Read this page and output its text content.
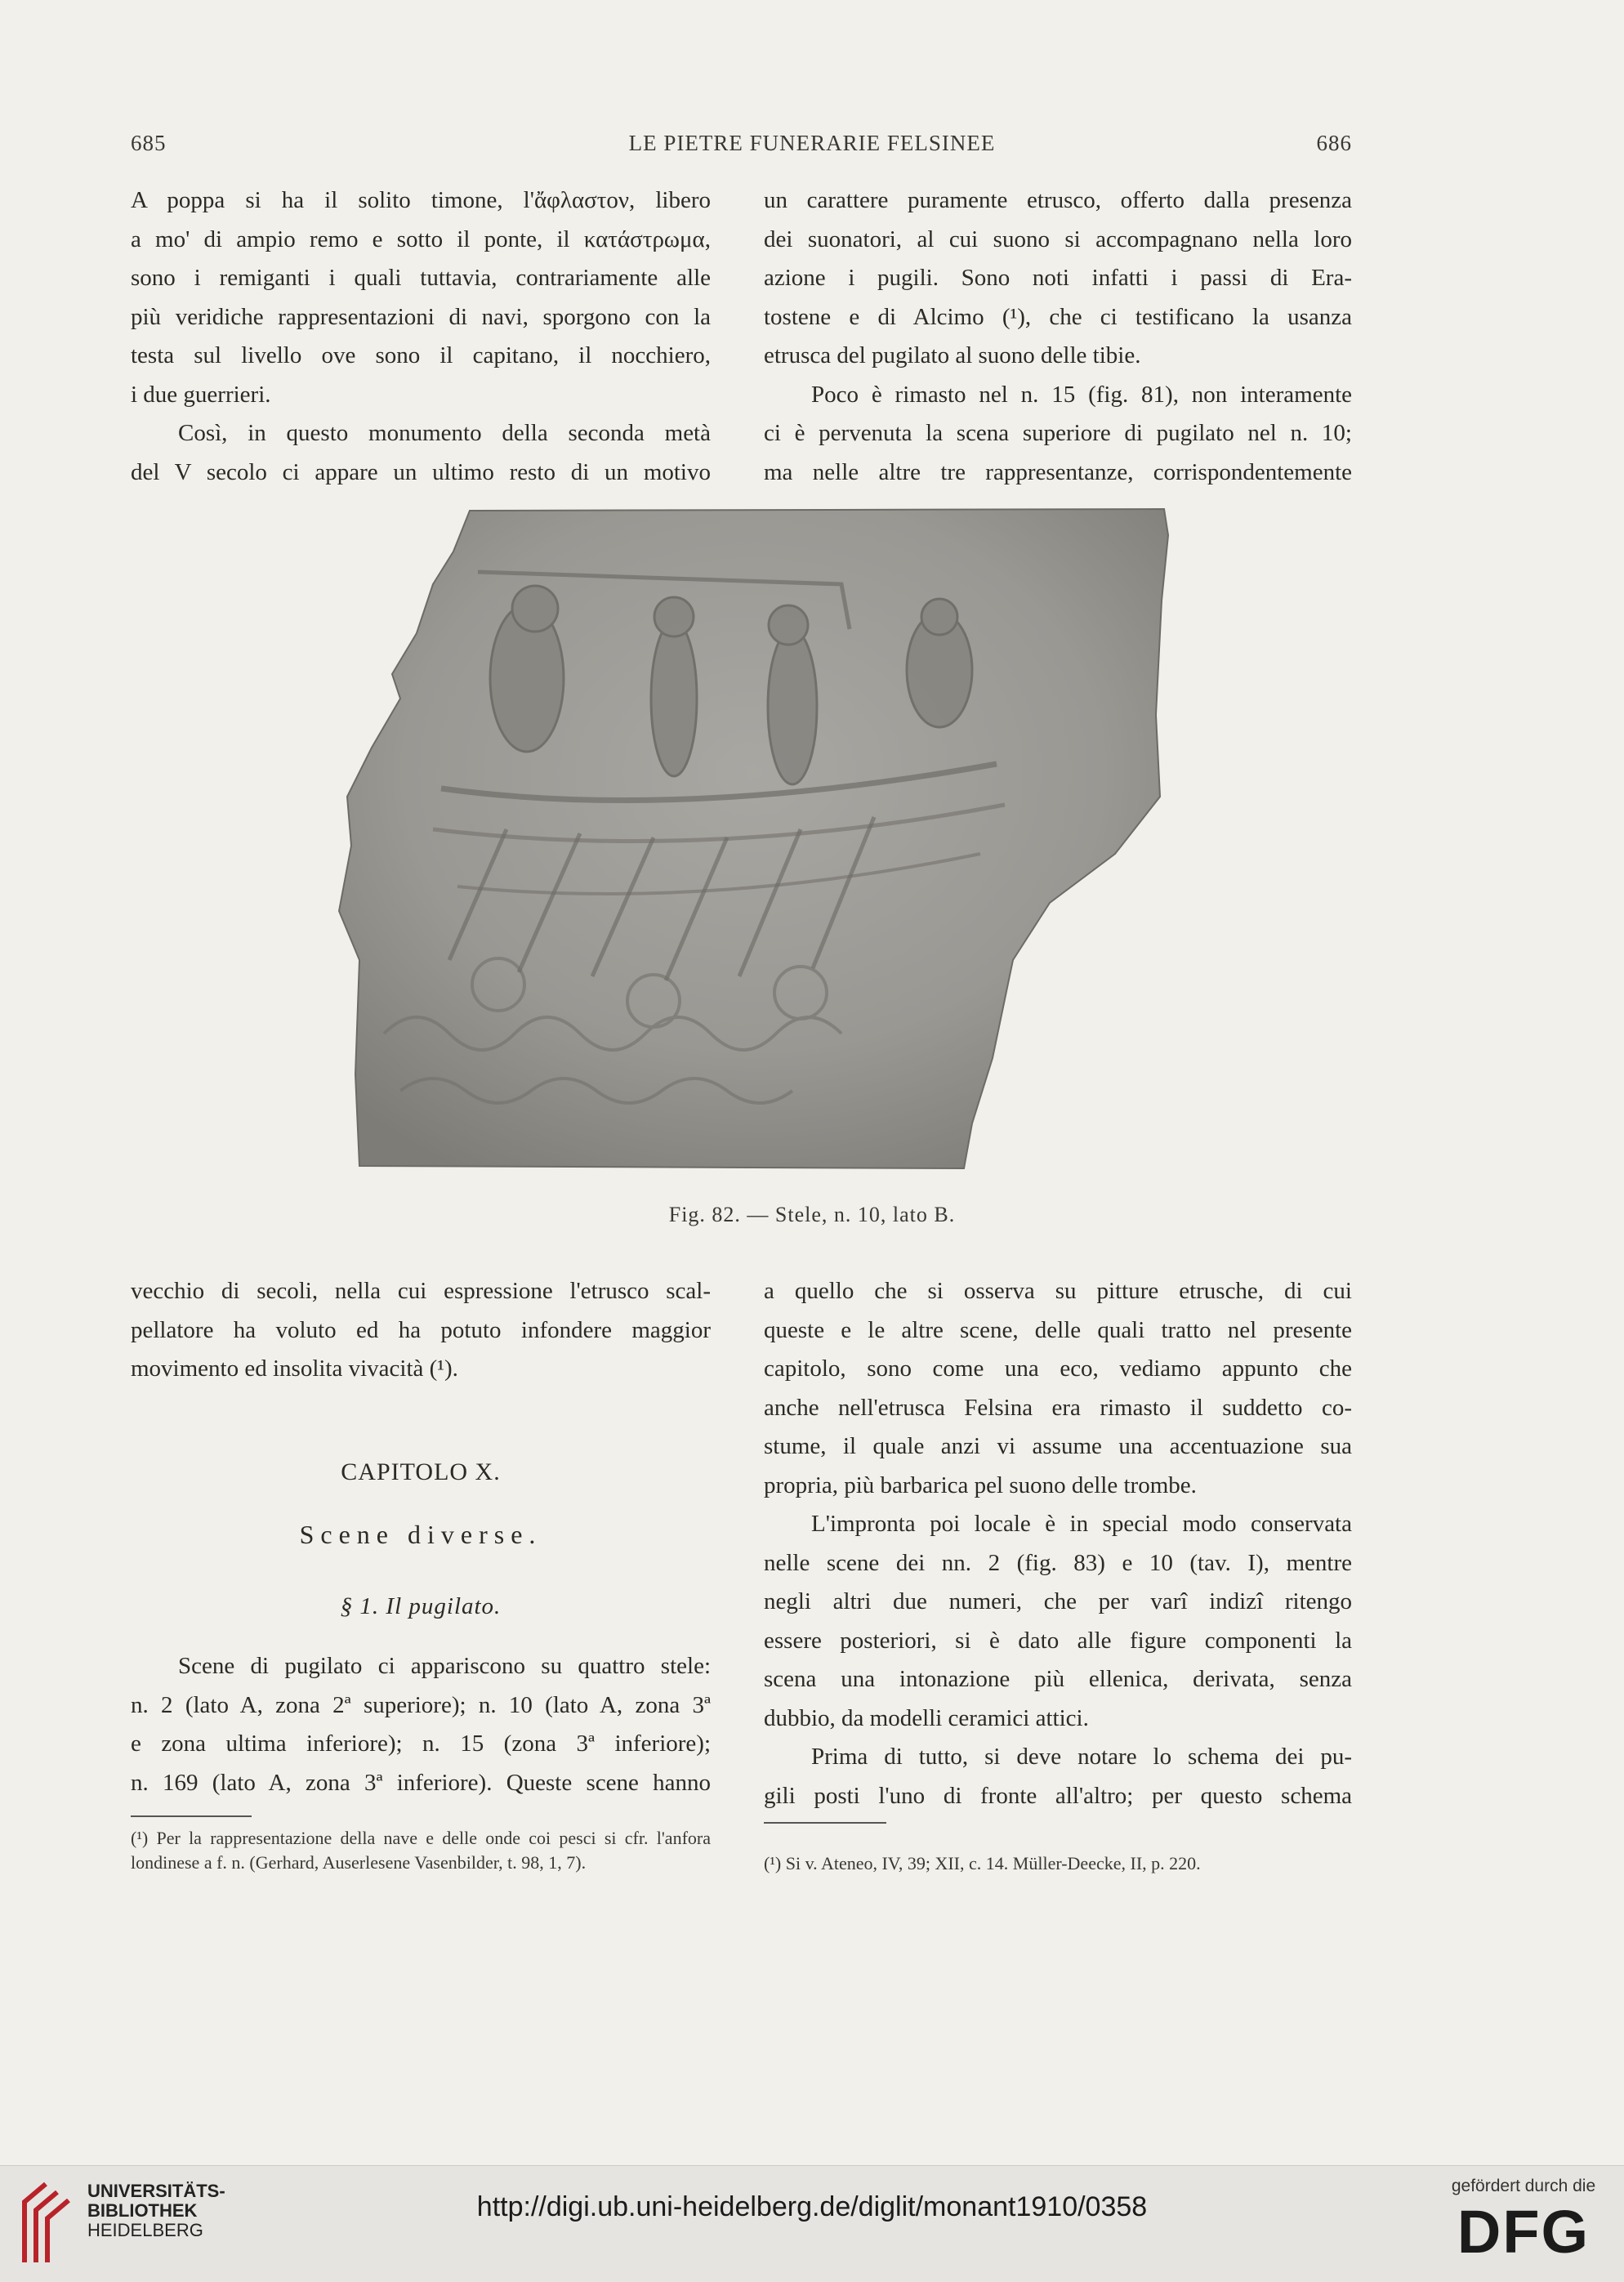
685	LE PIETRE FUNERARIE FELSINEE	686

A poppa si ha il solito timone, l'ἄφλαστον, libero

a mo' di ampio remo e sotto il ponte, il κατάστρωμα,

sono i remiganti i quali tuttavia, contrariamente alle

più veridiche rappresentazioni di navi, sporgono con la

testa sul livello ove sono il capitano, il nocchiero,

i due guerrieri.

Così, in questo monumento della seconda metà

del V secolo ci appare un ultimo resto di un motivo

un carattere puramente etrusco, offerto dalla presenza

dei suonatori, al cui suono si accompagnano nella loro

azione i pugili. Sono noti infatti i passi di Era-

tostene e di Alcimo (¹), che ci testificano la usanza

etrusca del pugilato al suono delle tibie.

Poco è rimasto nel n. 15 (fig. 81), non interamente

ci è pervenuta la scena superiore di pugilato nel n. 10;

ma nelle altre tre rappresentanze, corrispondentemente

Fig. 82. — Stele, n. 10, lato B.

vecchio di secoli, nella cui espressione l'etrusco scal-

pellatore ha voluto ed ha potuto infondere maggior

movimento ed insolita vivacità (¹).

CAPITOLO X.
Scene diverse.
§ 1. Il pugilato.

Scene di pugilato ci appariscono su quattro stele:

n. 2 (lato A, zona 2ª superiore); n. 10 (lato A, zona 3ª

e zona ultima inferiore); n. 15 (zona 3ª inferiore);

n. 169 (lato A, zona 3ª inferiore). Queste scene hanno

a quello che si osserva su pitture etrusche, di cui

queste e le altre scene, delle quali tratto nel presente

capitolo, sono come una eco, vediamo appunto che

anche nell'etrusca Felsina era rimasto il suddetto co-

stume, il quale anzi vi assume una accentuazione sua

propria, più barbarica pel suono delle trombe.

L'impronta poi locale è in special modo conservata

nelle scene dei nn. 2 (fig. 83) e 10 (tav. I), mentre

negli altri due numeri, che per varî indizî ritengo

essere posteriori, si è dato alle figure componenti la

scena una intonazione più ellenica, derivata, senza

dubbio, da modelli ceramici attici.

Prima di tutto, si deve notare lo schema dei pu-

gili posti l'uno di fronte all'altro; per questo schema

(¹) Per la rappresentazione della nave e delle onde coi pesci si cfr. l'anfora londinese a f. n. (Gerhard, Auserlesene Vasenbilder, t. 98, 1, 7).	(¹) Si v. Ateneo, IV, 39; XII, c. 14. Müller-Deecke, II, p. 220.

UNIVERSITÄTS-
BIBLIOTHEK
HEIDELBERG
http://digi.ub.uni-heidelberg.de/diglit/monant1910/0358
gefördert durch die
DFG
